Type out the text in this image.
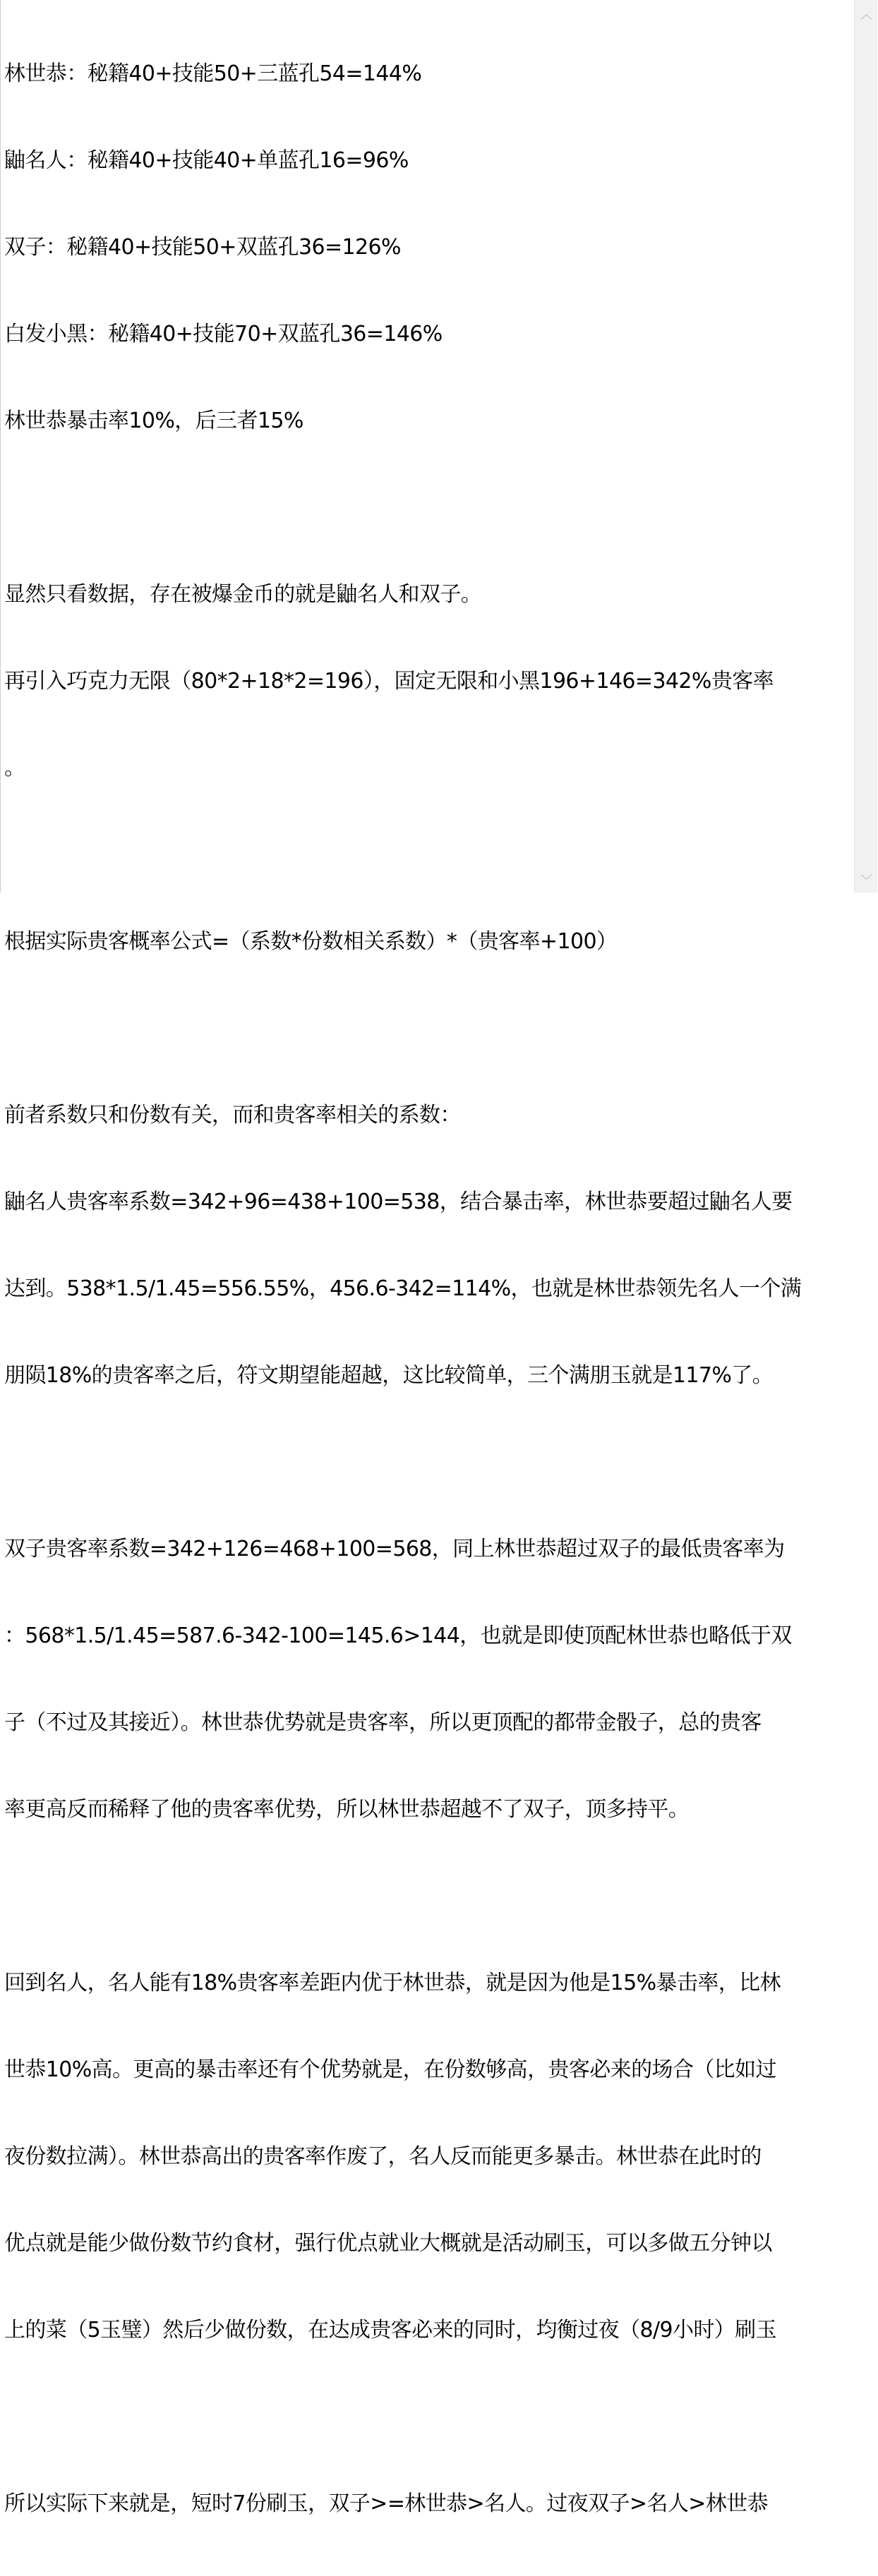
林世恭：秘籍40+技能50+三蓝孔54=144%

鼬名人：秘籍40+技能40+单蓝孔16=96%

双子：秘籍40+技能50+双蓝孔36=126%

白发小黑：秘籍40+技能70+双蓝孔36=146%

林世恭暴击率10%，后三者15%

显然只看数据，存在被爆金币的就是鼬名人和双子。

再引入巧克力无限（80*2+18*2=196），固定无限和小黑196+146=342%贵客率

。

根据实际贵客概率公式=（系数*份数相关系数）*（贵客率+100）

前者系数只和份数有关，而和贵客率相关的系数：

鼬名人贵客率系数=342+96=438+100=538，结合暴击率，林世恭要超过鼬名人要

达到。538*1.5/1.45=556.55%，456.6-342=114%，也就是林世恭领先名人一个满

朋陨18%的贵客率之后，符文期望能超越，这比较简单，三个满朋玉就是117%了。

双子贵客率系数=342+126=468+100=568，同上林世恭超过双子的最低贵客率为

：568*1.5/1.45=587.6-342-100=145.6>144，也就是即使顶配林世恭也略低于双

子（不过及其接近）。林世恭优势就是贵客率，所以更顶配的都带金骰子，总的贵客

率更高反而稀释了他的贵客率优势，所以林世恭超越不了双子，顶多持平。

回到名人，名人能有18%贵客率差距内优于林世恭，就是因为他是15%暴击率，比林

世恭10%高。更高的暴击率还有个优势就是，在份数够高，贵客必来的场合（比如过

夜份数拉满）。林世恭高出的贵客率作废了，名人反而能更多暴击。林世恭在此时的

优点就是能少做份数节约食材，强行优点就业大概就是活动刷玉，可以多做五分钟以

上的菜（5玉璧）然后少做份数，在达成贵客必来的同时，均衡过夜（8/9小时）刷玉

所以实际下来就是，短时7份刷玉，双子>=林世恭>名人。过夜双子>名人>林世恭

︿
﹀
